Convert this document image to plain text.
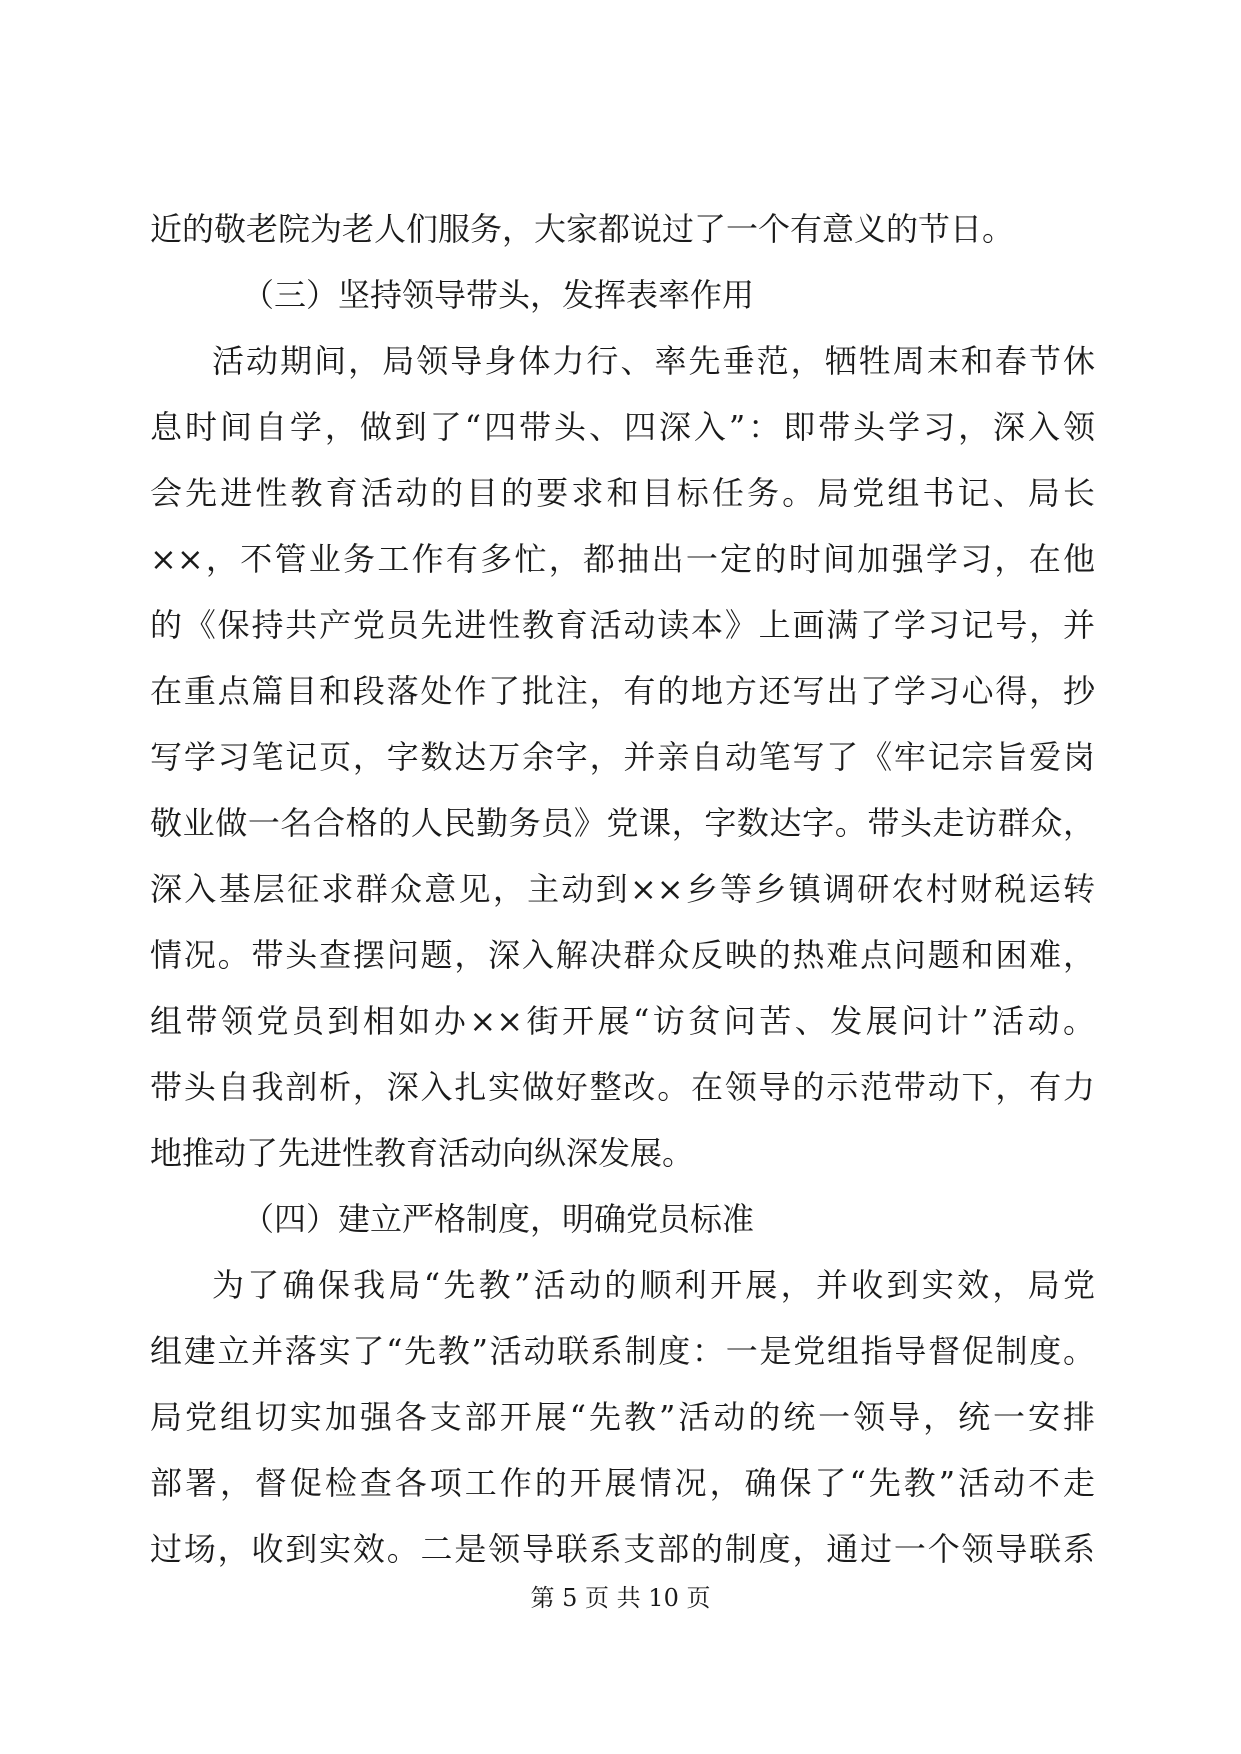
近的敬老院为老人们服务，大家都说过了一个有意义的节日。
（三）坚持领导带头，发挥表率作用
活动期间，局领导身体力行、率先垂范，牺牲周末和春节休
息时间自学，做到了“四带头、四深入”：即带头学习，深入领
会先进性教育活动的目的要求和目标任务。局党组书记、局长
××，不管业务工作有多忙，都抽出一定的时间加强学习，在他
的《保持共产党员先进性教育活动读本》上画满了学习记号，并
在重点篇目和段落处作了批注，有的地方还写出了学习心得，抄
写学习笔记页，字数达万余字，并亲自动笔写了《牢记宗旨爱岗
敬业做一名合格的人民勤务员》党课，字数达字。带头走访群众，
深入基层征求群众意见，主动到××乡等乡镇调研农村财税运转
情况。带头查摆问题，深入解决群众反映的热难点问题和困难，
组带领党员到相如办××街开展“访贫问苦、发展问计”活动。
带头自我剖析，深入扎实做好整改。在领导的示范带动下，有力
地推动了先进性教育活动向纵深发展。
（四）建立严格制度，明确党员标准
为了确保我局“先教”活动的顺利开展，并收到实效，局党
组建立并落实了“先教”活动联系制度：一是党组指导督促制度。
局党组切实加强各支部开展“先教”活动的统一领导，统一安排
部署，督促检查各项工作的开展情况，确保了“先教”活动不走
过场，收到实效。二是领导联系支部的制度，通过一个领导联系
第 5 页 共 10 页
